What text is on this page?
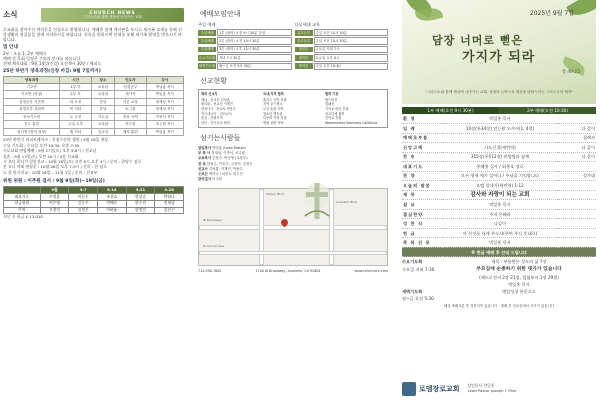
소식	CHURCH NEWS
그리스도와 함께 세상에 나아가는 교회
로교회를 찾아주신 여러분을 진심으로 환영합니다. 예배후 함께 게시판을 보시고 새가족 교재를 통해 신앙생활의 첫걸음을 함께 시작하시길 바랍니다. 등록을 원하시면 안내를 통해 새가족 환영을 받으시기 바랍니다.
법 안내
2부 : 오늘 1, 2부 예배시
예배 및 목회 일정은 주보의 안내를 따릅니다
전체 체육대회 : 9월 14일(주일) 오전 9시 30분 / 체피드
25년 하반기 양육과정(신청 마감: 9월 7일까지)
양육과정	시간	장소	인도자	강사
기초반	1부 후	교육관	성경공부	박일홍 목사
기초반 (신앙)	2부 후	교육관	새가족	박일홍 목사
성경공부 기본반	화 오전	본당	기본 교육	정재성 목사
성경공부 심화반	목 저녁	본당	소그룹	정재성 목사
중보기도반	토 오전	기도실	중보 사역	이종석 목사
전도 훈련	주일 오후	교육관	전도팀	조주원 목사
성서반 (영적 성장)	월 저녁	친교실	제자 훈련	박일홍 목사
25년 하반기 커피브레이크 : 신청수준의 셀편 / 9월 18일 개강
수요 기도회 : 수요일 오전 10:30, 오후 7:30
서로교회 연합예배 : 9월 27일(토) 오후 5-8시 / 친교실
결혼 : 9월 13일(토) 오전 10시 / 4분 선교회
시 오디 하나가 밀알선교 : 10월 18일(토) 오전 9시-오후 4시 / 문의 : 한영수 장로
분 오디 야외 연합운 : 10월 26일 오후 7-9시 / 문의 : 한 장로
드 종 단기선교 : 10월 26일 – 11월 1일 / 문의 : 선교부
위원 위원 : 이주원 집사 / 9월 9일(화)~19일(금)
	9월	9.7	9.14	9.21	9.28
대표기도	주정훈	이동우	조진효	한상준	박하나
헌금위원	이은영	김동주	박해은	한수진	정재성
주차	고경덕	김정은	이하윤	한정민	김찬수
지난 주 헌금 $ 13,010
예배모임안내
주일 예배
주일예배	1부 (영어) 오전 9시 30분 본당
주일예배	2부 (한어) 오전 10시 30분
주일예배	3부 (영어) 오후 12시 30분
수요기도회	저녁 7시 30분
새벽기도회	월~금 오전 5시 30분
다음세대 교육
유초등부	주일 오전 10시 30분
중고등부	주일 오전 10시 30분
청년부	금요일 저녁 7시
대학부	토요일 오후 4시
영아부	주일 오전 10:30
선교현황
해외 선교지
케냐 - 선교사 김성훈
필리핀 - 선교사 이재민
캄보디아 - 선교사 박용수
인도네시아 - 김선교사
몽골 - 후원사역
남미 - 단기선교 협력
국내/지역 협력
홈리스 사역 지원
지역 푸드뱅크
노인 돌봄 사역
청소년 멘토링
다문화 가정 지원
병원 심방 사역
협력 기관
월드비전
컴패션
기독교 방송 후원
선교단체 협력
신학교 후원
Westminster Seminary California
섬기는사람들
담임목사 박일홍 (Lead Pastor)
부 목 사 정재성, 이종석, 조주원
교육목사 김찬수, 박준영 (교육부)
장 로 한영수, 이동우, 고경덕, 김정은
선교사 김성훈, 이재민, 박용수
오르간 박하나 / 피아노 한수진
관리집사 이주원
W Broadway
Harbor Blvd
Anaheim Blvd
W Lincoln Ave
714-956-7600	1700 W Broadway, Anaheim, CA 92804	www.rohchurch.com
2025년 9월 7일
담장 너머로 뻗은
가지가 되라
창 49:22
"그리스도와 함께 세상에 나아가는 교회, 성령의 능력으로 세상을 변화시키는 그리스도의 제자"
1부 예배(오전 9시 30분)	2부 예배(오전 10:30)
환 영	박일홍 목사	
입 례	10장(통34장) 전능왕 오셔서(1, 4절)	다 같이
예배로부름		집례자
신앙고백	사도신경(새번역)	다 같이
찬 송	315장(통512장) 관방팀과 함께	다 같이
대표기도	홍혜정 집사 / 최봉호 장로	
찬 양	모든 형제 예가 일어나 / 주님을 기억합니다	성가대
오늘의 말씀	요엘 창세기(새번역) 1:12	
제 목	감사와 자랑이 되는 교회	
설 교	박일홍 목사	
결심찬양	주의 은혜라	
성 찬 식	다같이	
헌 금	이 선지를 내게 주소서(주여 주신 뜻대로)	
축 복 선 포	박일홍 목사	
※ 헌금 예배 후 안내 드립니다		
수요기도회	제목 : 부름받은 성도의 삶 7장
수요일 저녁 7:30	부르심에 순종하기 위한 댓가가 있습니다
(베드로전서 2장 21절, 빌립보서 1장 29절)
박일홍 목사
새벽기도회	매일성경 본문으로
월~금 오전 5:30
해설 예배 5분 후 성찬식이 있습니다 · 예배 후 친교실에서 식사가 있습니다
로뎀장로교회 담임목사 박일홍
Lead Pastor Joseph I. Park
